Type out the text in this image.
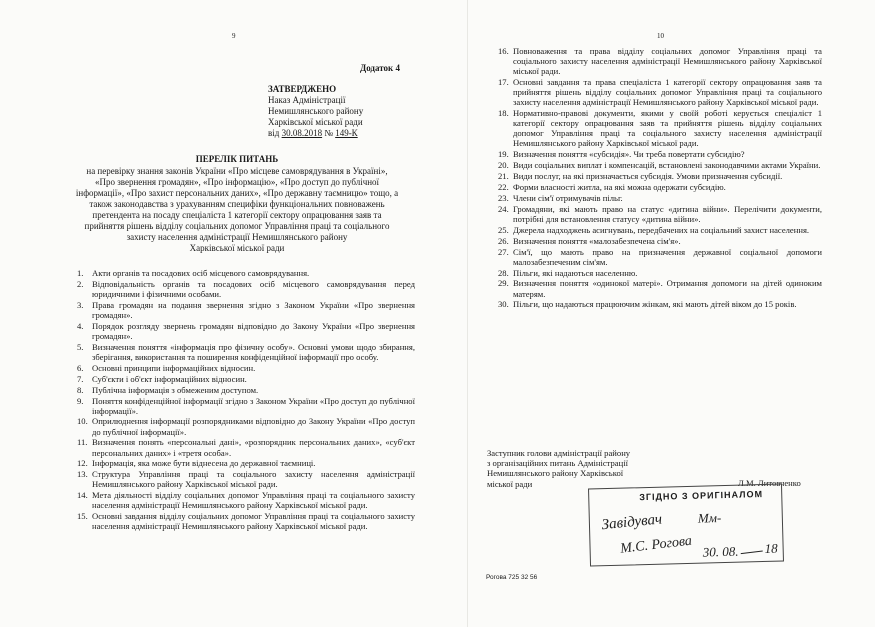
9	10
Додаток 4
ЗАТВЕРДЖЕНО
Наказ Адміністрації
Немишлянського району
Харківської міської ради
від 30.08.2018 № 149-К
ПЕРЕЛІК ПИТАНЬ
на перевірку знання законів України «Про місцеве самоврядування в Україні»,
«Про звернення громадян», «Про інформацію», «Про доступ до публічної
інформації», «Про захист персональних даних», «Про державну таємницю» тощо, а
також законодавства з урахуванням специфіки функціональних повноважень
претендента на посаду спеціаліста 1 категорії сектору опрацювання заяв та
прийняття рішень відділу соціальних допомог Управління праці та соціального
захисту населення адміністрації Немишлянського району
Харківської міської ради
1. Акти органів та посадових осіб місцевого самоврядування.
2. Відповідальність органів та посадових осіб місцевого самоврядування перед юридичними і фізичними особами.
3. Права громадян на подання звернення згідно з Законом України «Про звернення громадян».
4. Порядок розгляду звернень громадян відповідно до Закону України «Про звернення громадян».
5. Визначення поняття «інформація про фізичну особу». Основні умови щодо збирання, зберігання, використання та поширення конфіденційної інформації про особу.
6. Основні принципи інформаційних відносин.
7. Суб'єкти і об'єкт інформаційних відносин.
8. Публічна інформація з обмеженим доступом.
9. Поняття конфіденційної інформації згідно з Законом України «Про доступ до публічної інформації».
10. Оприлюднення інформації розпорядниками відповідно до Закону України «Про доступ до публічної інформації».
11. Визначення понять «персональні дані», «розпорядник персональних даних», «суб'єкт персональних даних» і «третя особа».
12. Інформація, яка може бути віднесена до державної таємниці.
13. Структура Управління праці та соціального захисту населення адміністрації Немишлянського району Харківської міської ради.
14. Мета діяльності відділу соціальних допомог Управління праці та соціального захисту населення адміністрації Немишлянського району Харківської міської ради.
15. Основні завдання відділу соціальних допомог Управління праці та соціального захисту населення адміністрації Немишлянського району Харківської міської ради.
16. Повноваження та права відділу соціальних допомог Управління праці та соціального захисту населення адміністрації Немишлянського району Харківської міської ради.
17. Основні завдання та права спеціаліста 1 категорії сектору опрацювання заяв та прийняття рішень відділу соціальних допомог Управління праці та соціального захисту населення адміністрації Немишлянського району Харківської міської ради.
18. Нормативно-правові документи, якими у своїй роботі керується спеціаліст 1 категорії сектору опрацювання заяв та прийняття рішень відділу соціальних допомог Управління праці та соціального захисту населення адміністрації Немишлянського району Харківської міської ради.
19. Визначення поняття «субсидія». Чи треба повертати субсидію?
20. Види соціальних виплат і компенсацій, встановлені законодавчими актами України.
21. Види послуг, на які призначається субсидія. Умови призначення субсидії.
22. Форми власності житла, на які можна одержати субсидію.
23. Члени сім'ї отримувачів пільг.
24. Громадяни, які мають право на статус «дитина війни». Перелічити документи, потрібні для встановлення статусу «дитина війни».
25. Джерела надходжень асигнувань, передбачених на соціальний захист населення.
26. Визначення поняття «малозабезпечена сім'я».
27. Сім'ї, що мають право на призначення державної соціальної допомоги малозабезпеченим сім'ям.
28. Пільги, які надаються населенню.
29. Визначення поняття «одинокої матері». Отримання допомоги на дітей одиноким матерям.
30. Пільги, що надаються працюючим жінкам, які мають дітей віком до 15 років.
Заступник голови адміністрації району
з організаційних питань Адміністрації
Немишлянського району Харківської
міської ради	Л.М. Литовченко
ЗГІДНО З ОРИГІНАЛОМ
Завідувач	Мм-
М.С. Рогова 30. 08. 18
Рогова 725 32 56
